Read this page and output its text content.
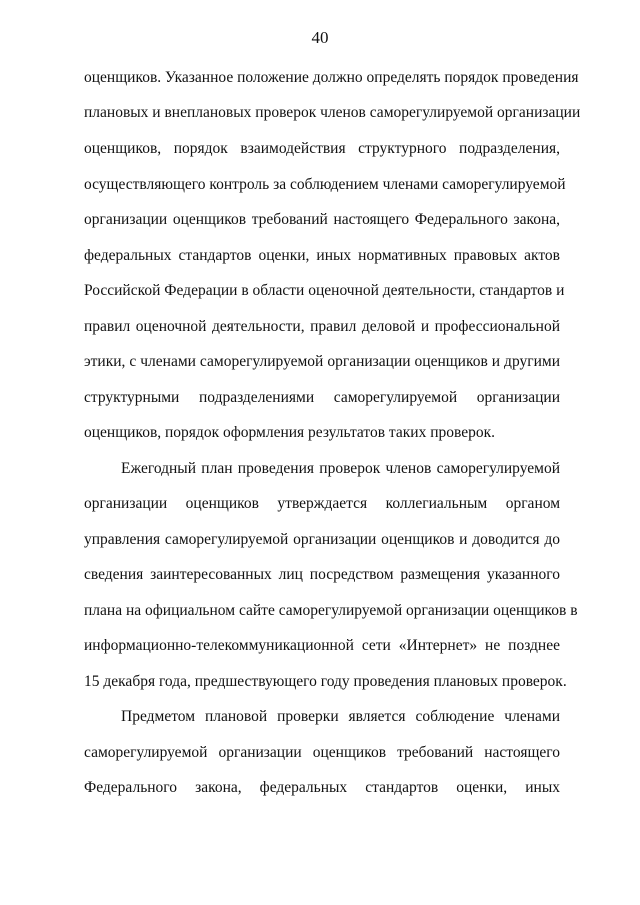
40
оценщиков. Указанное положение должно определять порядок проведения
плановых и внеплановых проверок членов саморегулируемой организации
оценщиков, порядок взаимодействия структурного подразделения,
осуществляющего контроль за соблюдением членами саморегулируемой
организации оценщиков требований настоящего Федерального закона,
федеральных стандартов оценки, иных нормативных правовых актов
Российской Федерации в области оценочной деятельности, стандартов и
правил оценочной деятельности, правил деловой и профессиональной
этики, с членами саморегулируемой организации оценщиков и другими
структурными подразделениями саморегулируемой организации
оценщиков, порядок оформления результатов таких проверок.
Ежегодный план проведения проверок членов саморегулируемой
организации оценщиков утверждается коллегиальным органом
управления саморегулируемой организации оценщиков и доводится до
сведения заинтересованных лиц посредством размещения указанного
плана на официальном сайте саморегулируемой организации оценщиков в
информационно-телекоммуникационной сети «Интернет» не позднее
15 декабря года, предшествующего году проведения плановых проверок.
Предметом плановой проверки является соблюдение членами
саморегулируемой организации оценщиков требований настоящего
Федерального закона, федеральных стандартов оценки, иных
